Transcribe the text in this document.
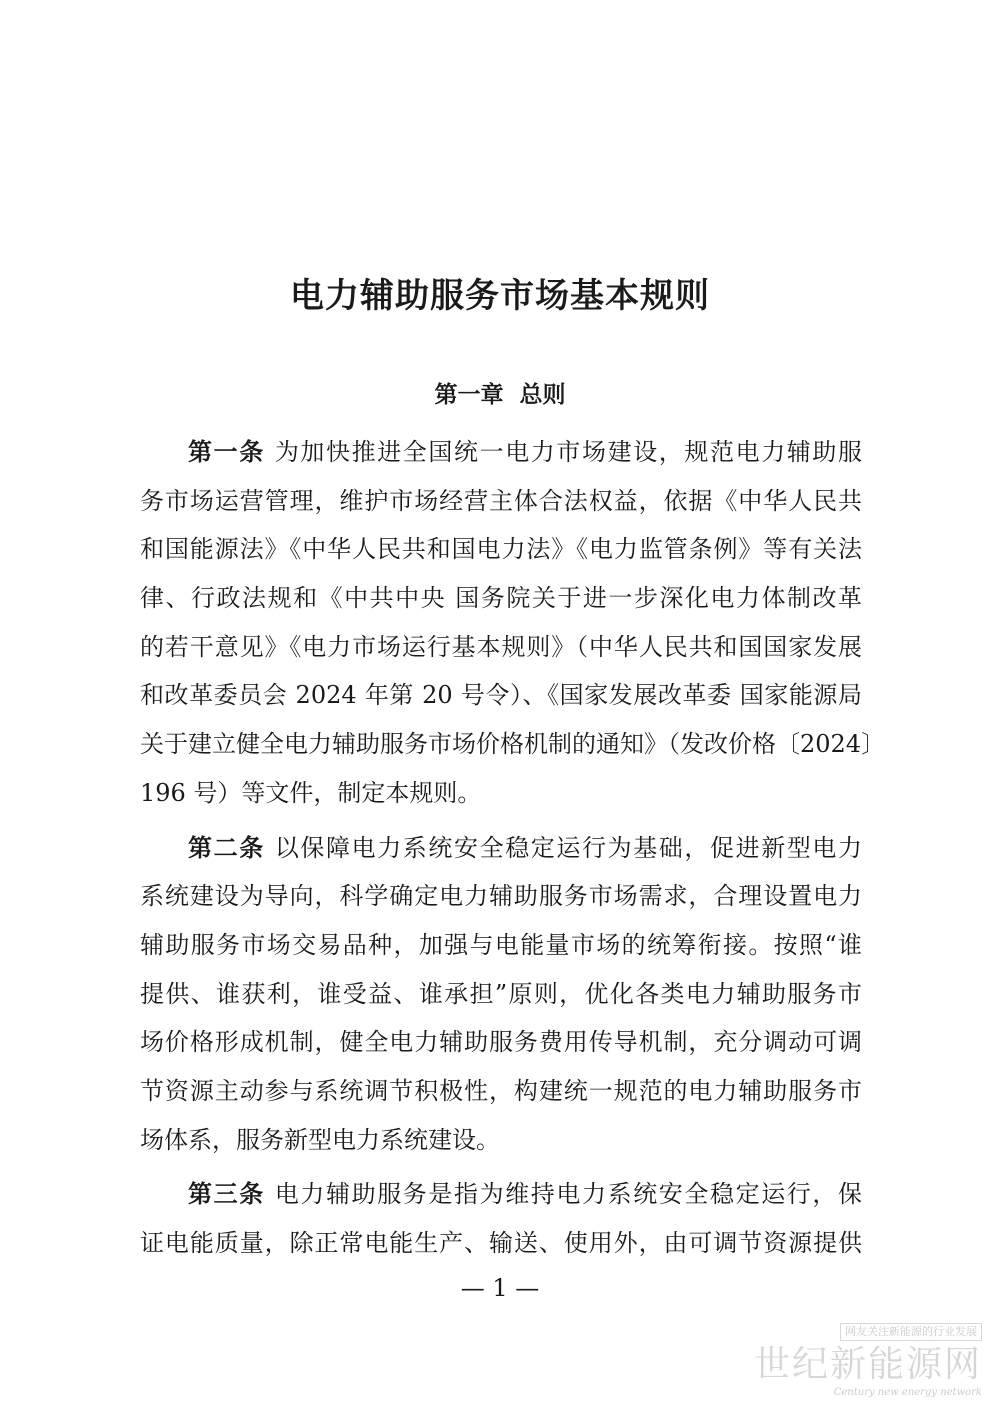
电力辅助服务市场基本规则
第一章  总则
第一条 为加快推进全国统一电力市场建设，规范电力辅助服
务市场运营管理，维护市场经营主体合法权益，依据《中华人民共
和国能源法》《中华人民共和国电力法》《电力监管条例》等有关法
律、行政法规和《中共中央 国务院关于进一步深化电力体制改革
的若干意见》《电力市场运行基本规则》（中华人民共和国国家发展
和改革委员会 2024 年第 20 号令）、《国家发展改革委 国家能源局
关于建立健全电力辅助服务市场价格机制的通知》（发改价格〔2024〕
196 号）等文件，制定本规则。
第二条 以保障电力系统安全稳定运行为基础，促进新型电力
系统建设为导向，科学确定电力辅助服务市场需求，合理设置电力
辅助服务市场交易品种，加强与电能量市场的统筹衔接。按照“谁
提供、谁获利，谁受益、谁承担”原则，优化各类电力辅助服务市
场价格形成机制，健全电力辅助服务费用传导机制，充分调动可调
节资源主动参与系统调节积极性，构建统一规范的电力辅助服务市
场体系，服务新型电力系统建设。
第三条 电力辅助服务是指为维持电力系统安全稳定运行，保
证电能质量，除正常电能生产、输送、使用外，由可调节资源提供
— 1 —
网友关注新能源的行业发展
世纪新能源网
Century new energy network
